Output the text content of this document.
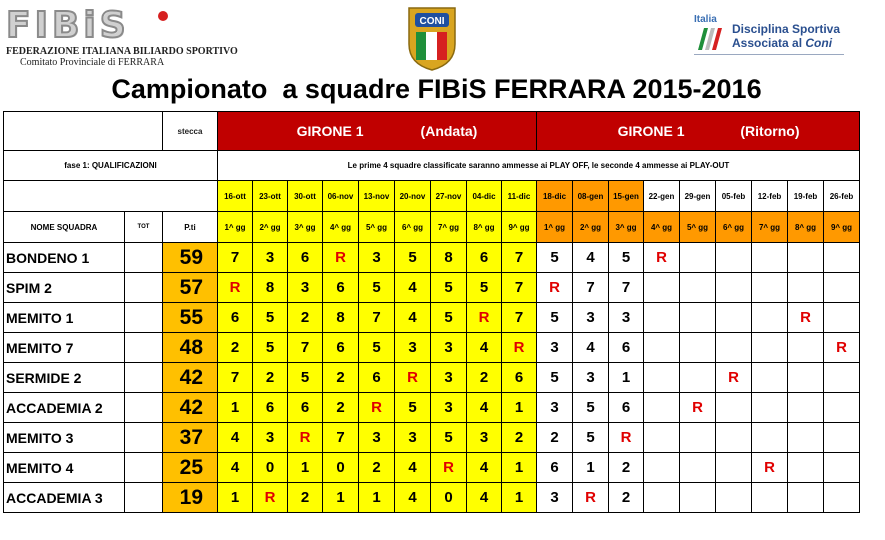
FIBiS
FEDERAZIONE ITALIANA BILIARDO SPORTIVO
Comitato Provinciale di FERRARA
CONI	Italia
Disciplina Sportiva
Associata al Coni
Campionato  a squadre FIBiS FERRARA 2015-2016
		stecca	GIRONE 1 (Andata)									GIRONE 1 (Ritorno)								
fase 1: QUALIFICAZIONI			Le prime 4 squadre classificate saranno ammesse ai PLAY OFF, le seconde 4 ammesse ai PLAY-OUT																	
			16-ott	23-ott	30-ott	06-nov	13-nov	20-nov	27-nov	04-dic	11-dic	18-dic	08-gen	15-gen	22-gen	29-gen	05-feb	12-feb	19-feb	26-feb
NOME SQUADRA	TOT	P.ti	1^ gg	2^ gg	3^ gg	4^ gg	5^ gg	6^ gg	7^ gg	8^ gg	9^ gg	1^ gg	2^ gg	3^ gg	4^ gg	5^ gg	6^ gg	7^ gg	8^ gg	9^ gg
BONDENO 1		59	7	3	6	R	3	5	8	6	7	5	4	5	R					
SPIM 2		57	R	8	3	6	5	4	5	5	7	R	7	7						
MEMITO 1		55	6	5	2	8	7	4	5	R	7	5	3	3					R	
MEMITO 7		48	2	5	7	6	5	3	3	4	R	3	4	6						R
SERMIDE 2		42	7	2	5	2	6	R	3	2	6	5	3	1			R			
ACCADEMIA 2		42	1	6	6	2	R	5	3	4	1	3	5	6		R				
MEMITO 3		37	4	3	R	7	3	3	5	3	2	2	5	R						
MEMITO 4		25	4	0	1	0	2	4	R	4	1	6	1	2				R		
ACCADEMIA 3		19	1	R	2	1	1	4	0	4	1	3	R	2						
